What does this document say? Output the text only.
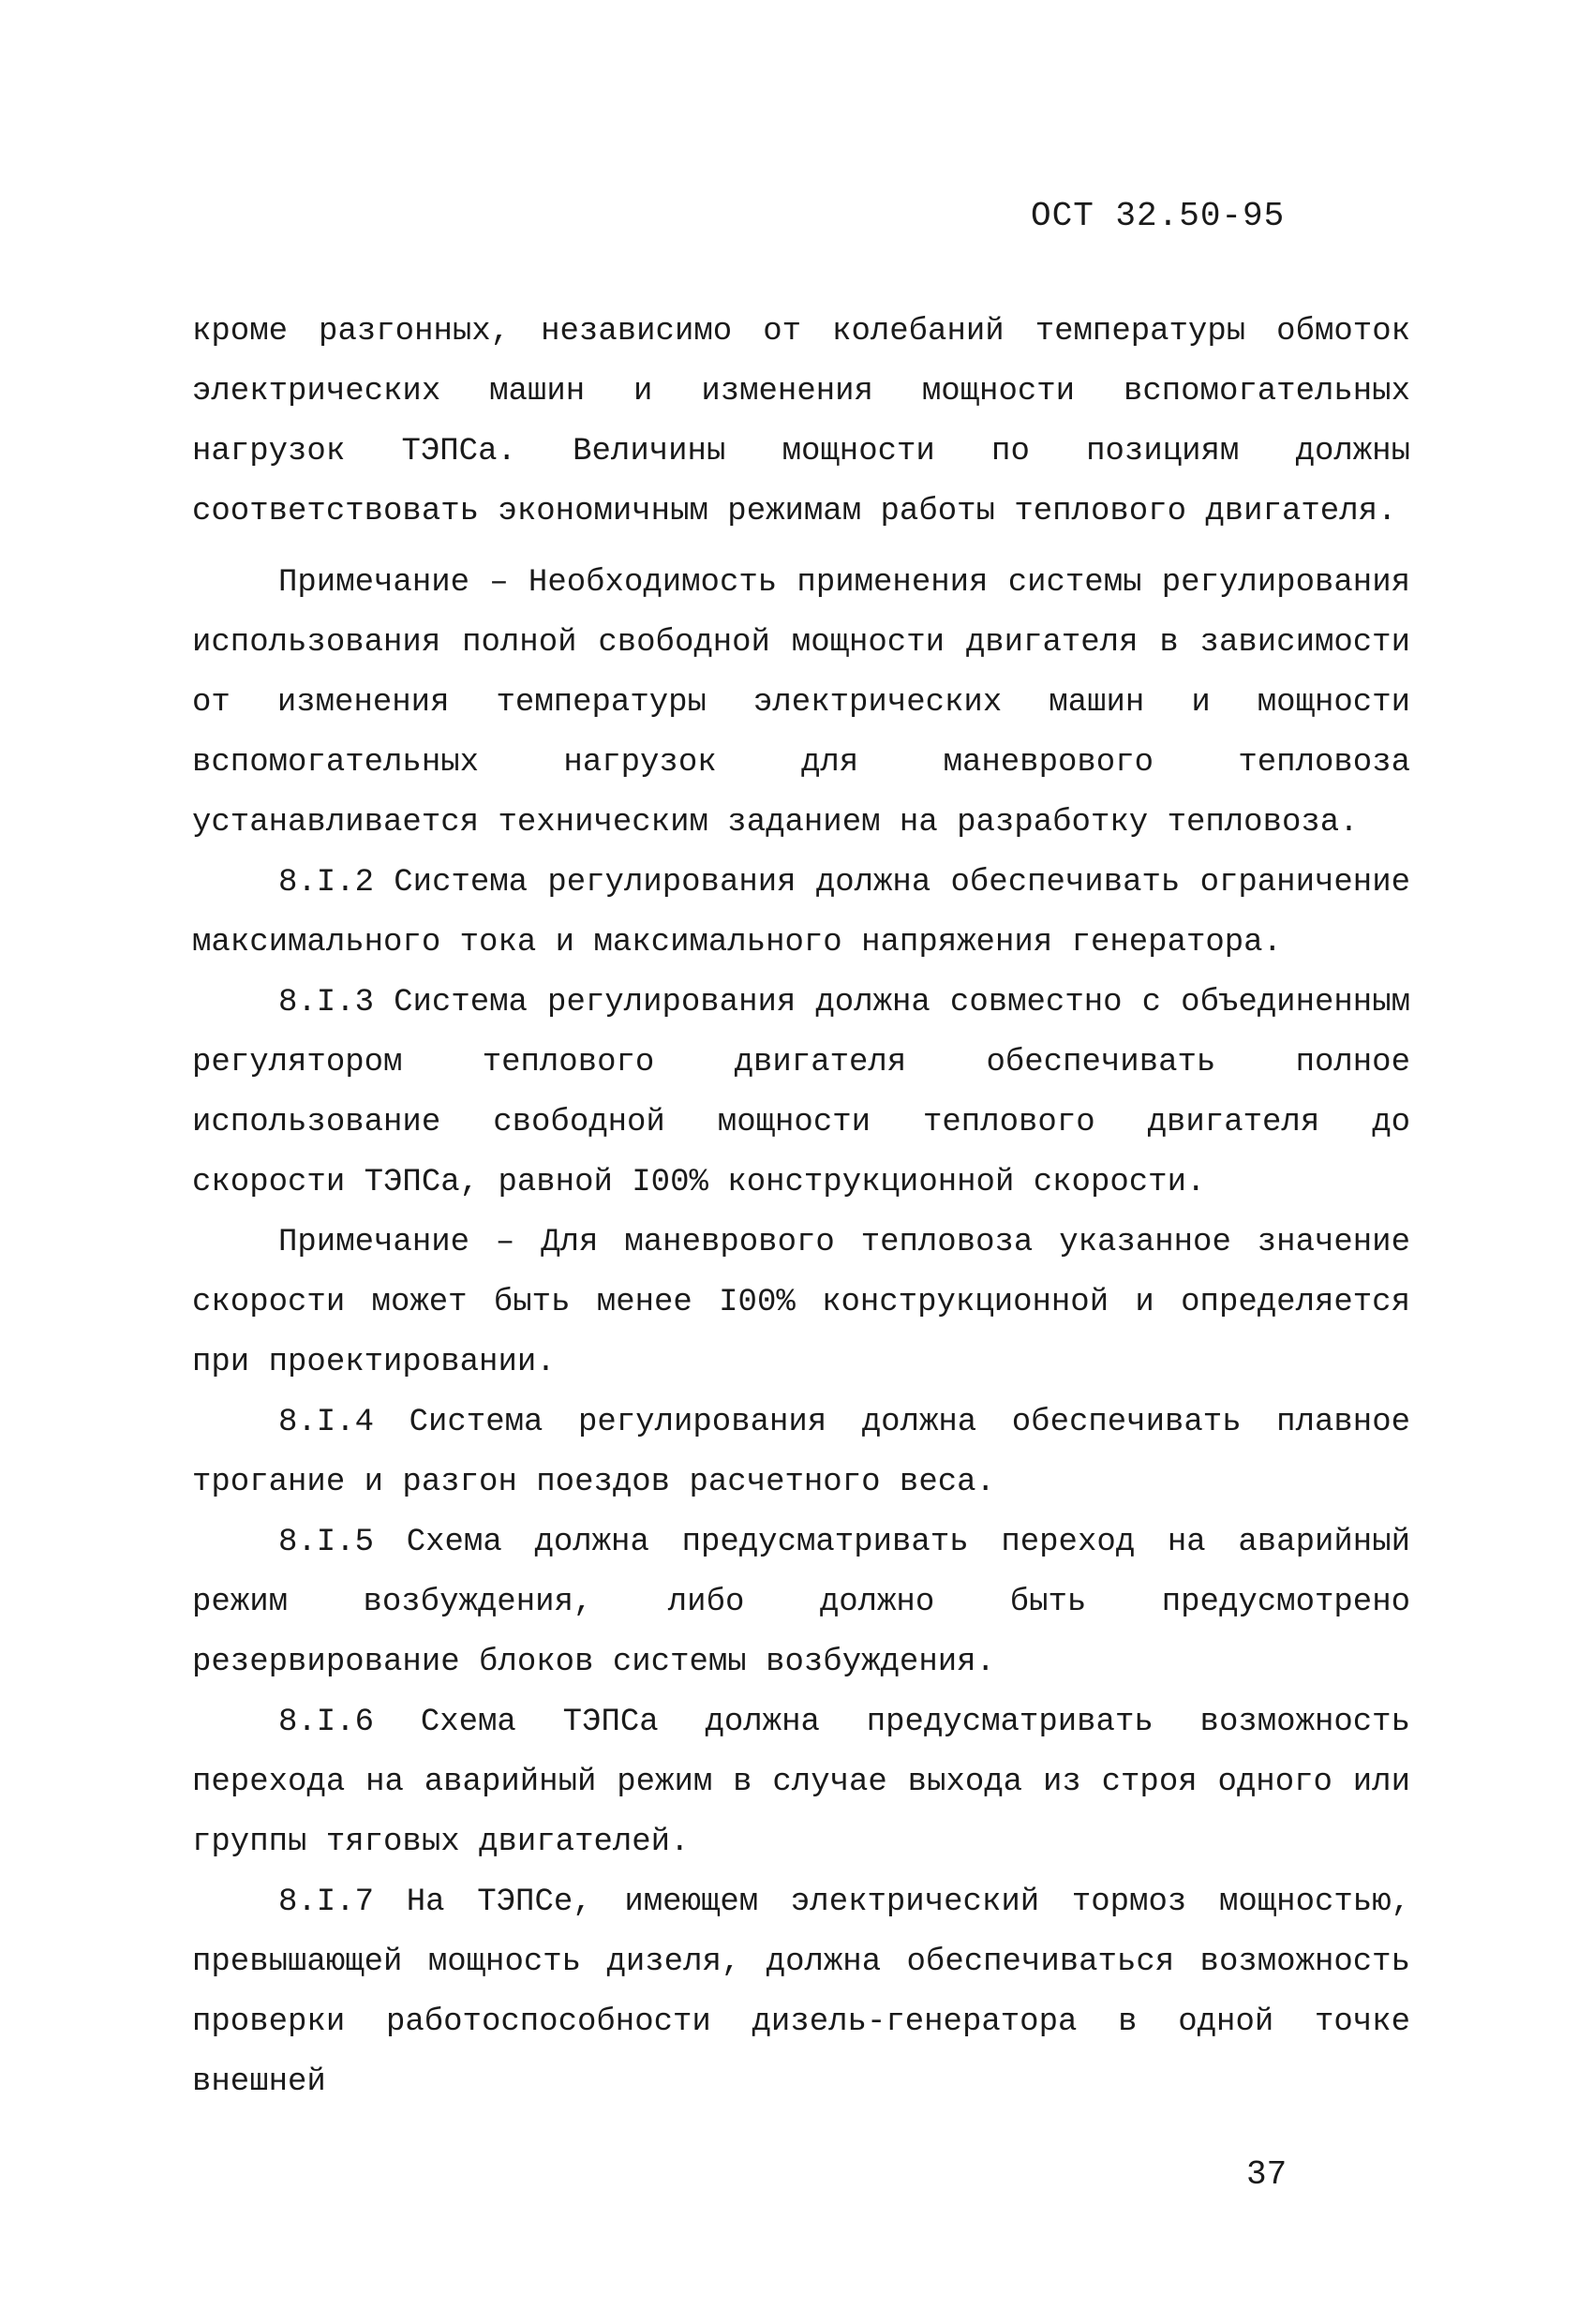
ОСТ 32.50-95

кроме разгонных, независимо от колебаний температуры обмоток электрических машин и изменения мощности вспомогательных нагрузок ТЭПСа. Величины мощности по позициям должны соответствовать экономичным режимам работы теплового двигателя.

Примечание – Необходимость применения системы регулирования использования полной свободной мощности двигателя в зависимости от изменения температуры электрических машин и мощности вспомогательных нагрузок для маневрового тепловоза устанавливается техническим заданием на разработку тепловоза.

8.I.2 Система регулирования должна обеспечивать ограничение максимального тока и максимального напряжения генератора.

8.I.3 Система регулирования должна совместно с объединенным регулятором теплового двигателя обеспечивать полное использование свободной мощности теплового двигателя до скорости ТЭПСа, равной I00% конструкционной скорости.

Примечание – Для маневрового тепловоза указанное значение скорости может быть менее I00% конструкционной и определяется при проектировании.

8.I.4 Система регулирования должна обеспечивать плавное трогание и разгон поездов расчетного веса.

8.I.5 Схема должна предусматривать переход на аварийный режим возбуждения, либо должно быть предусмотрено резервирование блоков системы возбуждения.

8.I.6 Схема ТЭПСа должна предусматривать возможность перехода на аварийный режим в случае выхода из строя одного или группы тяговых двигателей.

8.I.7 На ТЭПСе, имеющем электрический тормоз мощностью, превышающей мощность дизеля, должна обеспечиваться возможность проверки работоспособности дизель-генератора в одной точке внешней

37
